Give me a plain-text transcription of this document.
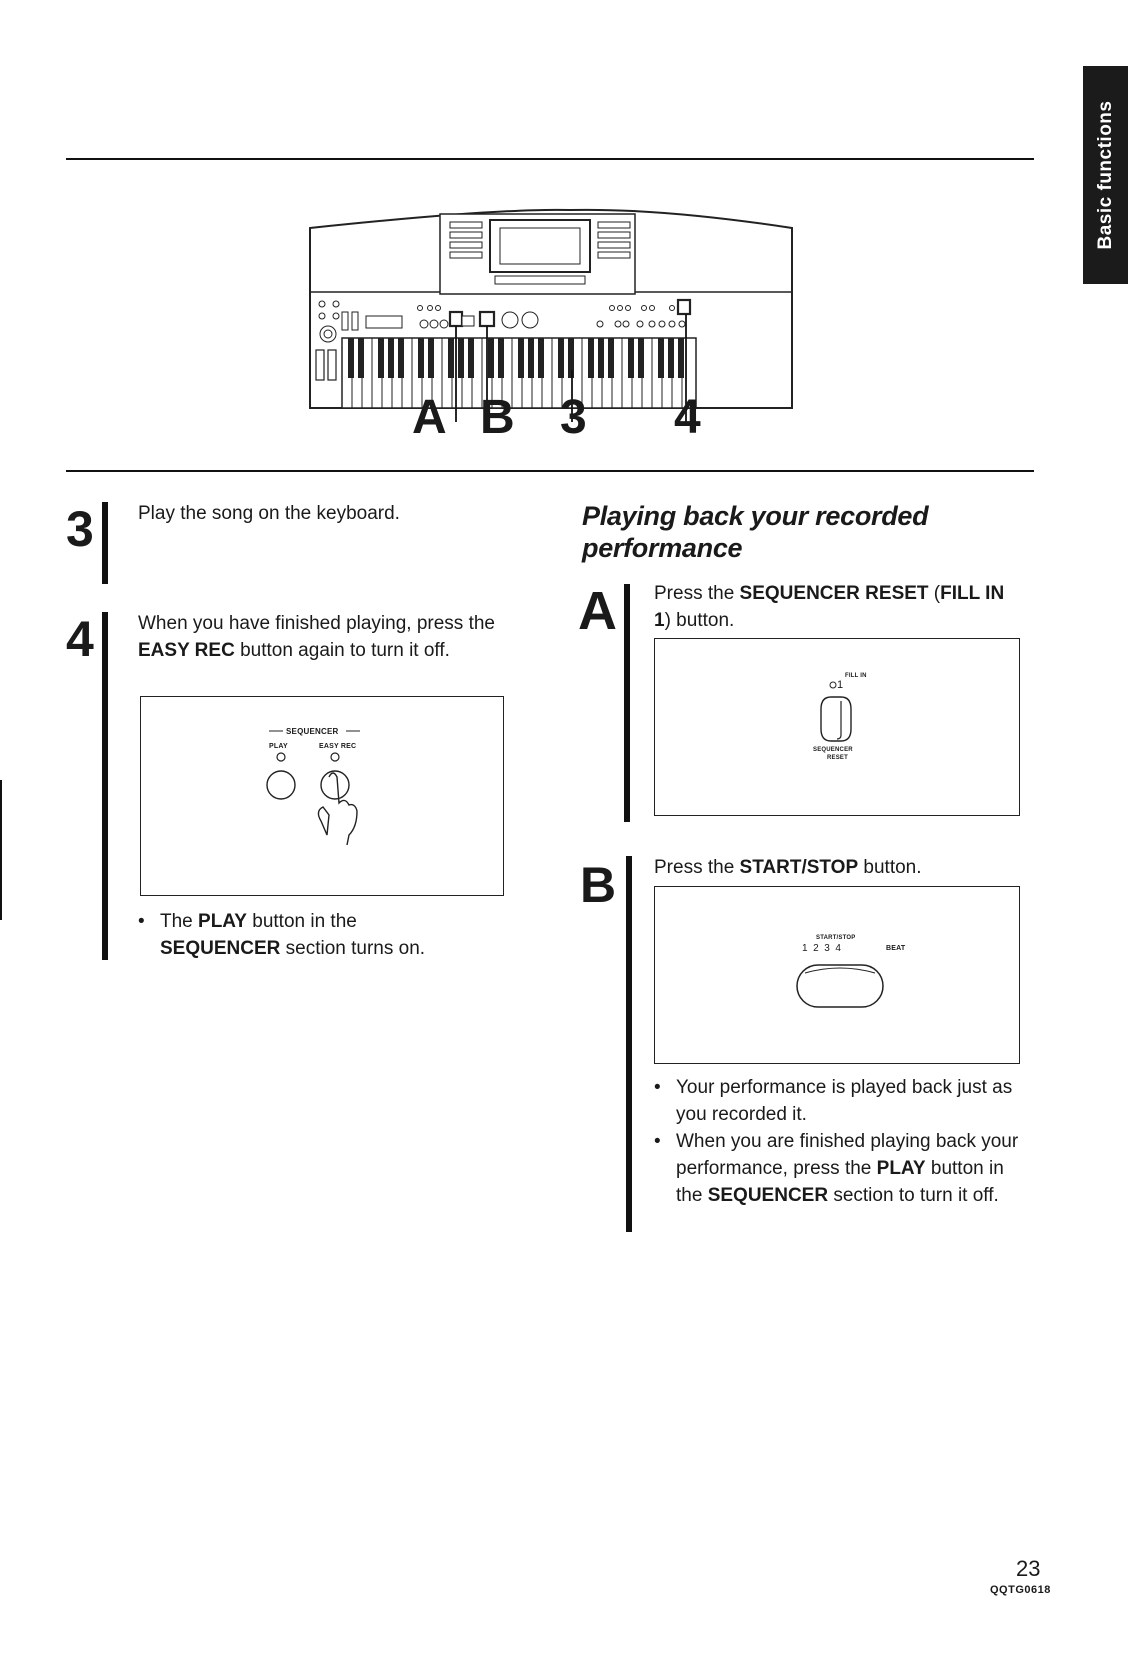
Basic functions
A B 3 4
3 Play the song on the keyboard.
4 When you have finished playing, press the EASY REC button again to turn it off.
SEQUENCER
PLAY	EASY REC
• The PLAY button in the
SEQUENCER section turns on.
Playing back your recorded performance
A Press the SEQUENCER RESET (FILL IN 1) button.
FILL IN
1
SEQUENCER
RESET
B Press the START/STOP button.
START/STOP
1  2  3  4	BEAT
• Your performance is played back just as you recorded it.
• When you are finished playing back your performance, press the PLAY button in the SEQUENCER section to turn it off.
23
QQTG0618
